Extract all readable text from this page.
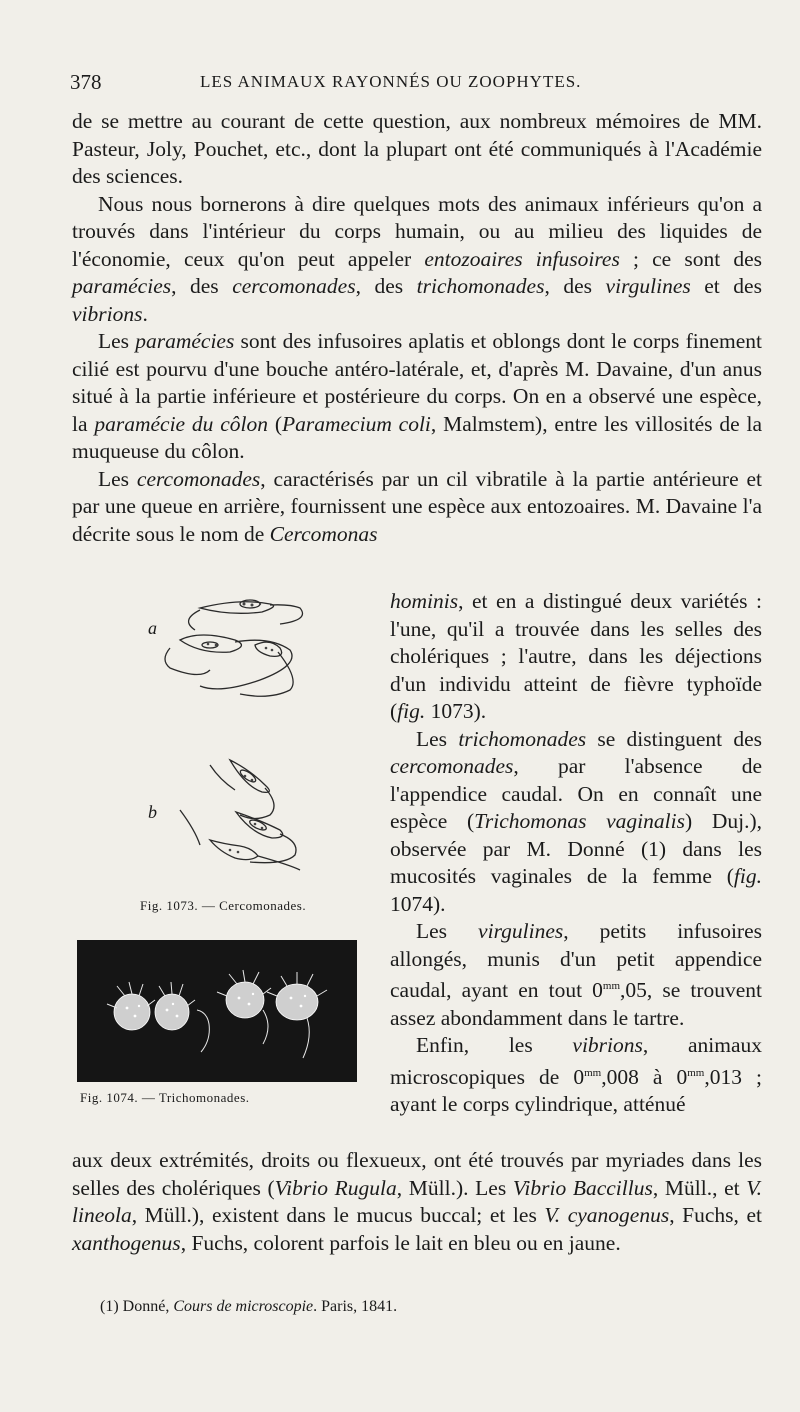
378	LES ANIMAUX RAYONNÉS OU ZOOPHYTES.

de se mettre au courant de cette question, aux nombreux mémoires de MM. Pasteur, Joly, Pouchet, etc., dont la plupart ont été communiqués à l'Académie des sciences.

Nous nous bornerons à dire quelques mots des animaux inférieurs qu'on a trouvés dans l'intérieur du corps humain, ou au milieu des liquides de l'économie, ceux qu'on peut appeler entozoaires infusoires ; ce sont des paramécies, des cercomonades, des trichomonades, des virgulines et des vibrions.

Les paramécies sont des infusoires aplatis et oblongs dont le corps finement cilié est pourvu d'une bouche antéro-latérale, et, d'après M. Davaine, d'un anus situé à la partie inférieure et postérieure du corps. On en a observé une espèce, la paramécie du côlon (Paramecium coli, Malmstem), entre les villosités de la muqueuse du côlon.

Les cercomonades, caractérisés par un cil vibratile à la partie antérieure et par une queue en arrière, fournissent une espèce aux entozoaires. M. Davaine l'a décrite sous le nom de Cercomonas

hominis, et en a distingué deux variétés : l'une, qu'il a trouvée dans les selles des cholériques ; l'autre, dans les déjections d'un individu atteint de fièvre typhoïde (fig. 1073).

Les trichomonades se distinguent des cercomonades, par l'absence de l'appendice caudal. On en connaît une espèce (Trichomonas vaginalis) Duj.), observée par M. Donné (1) dans les mucosités vaginales de la femme (fig. 1074).

Les virgulines, petits infusoires allongés, munis d'un petit appendice caudal, ayant en tout $0^{mm},05$, se trouvent assez abondamment dans le tartre.

Enfin, les vibrions, animaux microscopiques de $0^{mm},008$ à $0^{mm},013$ ; ayant le corps cylindrique, atténué

a
b
Fig. 1073. — Cercomonades.
Fig. 1074. — Trichomonades.

aux deux extrémités, droits ou flexueux, ont été trouvés par myriades dans les selles des cholériques (Vibrio Rugula, Müll.). Les Vibrio Baccillus, Müll., et V. lineola, Müll.), existent dans le mucus buccal; et les V. cyanogenus, Fuchs, et xanthogenus, Fuchs, colorent parfois le lait en bleu ou en jaune.

(1) Donné, Cours de microscopie. Paris, 1841.
